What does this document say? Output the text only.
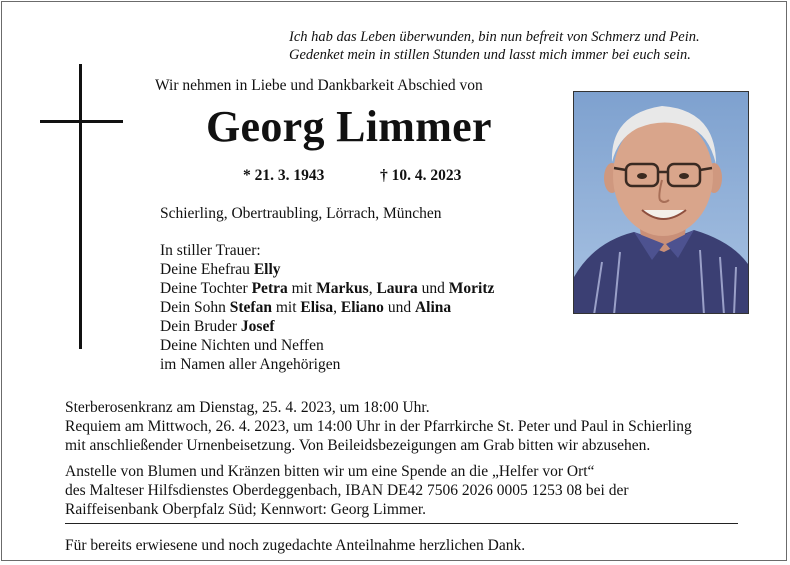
Ich hab das Leben überwunden, bin nun befreit von Schmerz und Pein.
Gedenket mein in stillen Stunden und lasst mich immer bei euch sein.
Wir nehmen in Liebe und Dankbarkeit Abschied von
Georg Limmer
* 21. 3. 1943	† 10. 4. 2023
Schierling, Obertraubling, Lörrach, München
In stiller Trauer:
Deine Ehefrau Elly
Deine Tochter Petra mit Markus, Laura und Moritz
Dein Sohn Stefan mit Elisa, Eliano und Alina
Dein Bruder Josef
Deine Nichten und Neffen
im Namen aller Angehörigen
Sterberosenkranz am Dienstag, 25. 4. 2023, um 18:00 Uhr.
Requiem am Mittwoch, 26. 4. 2023, um 14:00 Uhr in der Pfarrkirche St. Peter und Paul in Schierling
mit anschließender Urnenbeisetzung. Von Beileidsbezeigungen am Grab bitten wir abzusehen.
Anstelle von Blumen und Kränzen bitten wir um eine Spende an die „Helfer vor Ort“
des Malteser Hilfsdienstes Oberdeggenbach, IBAN DE42 7506 2026 0005 1253 08 bei der
Raiffeisenbank Oberpfalz Süd; Kennwort: Georg Limmer.
Für bereits erwiesene und noch zugedachte Anteilnahme herzlichen Dank.
